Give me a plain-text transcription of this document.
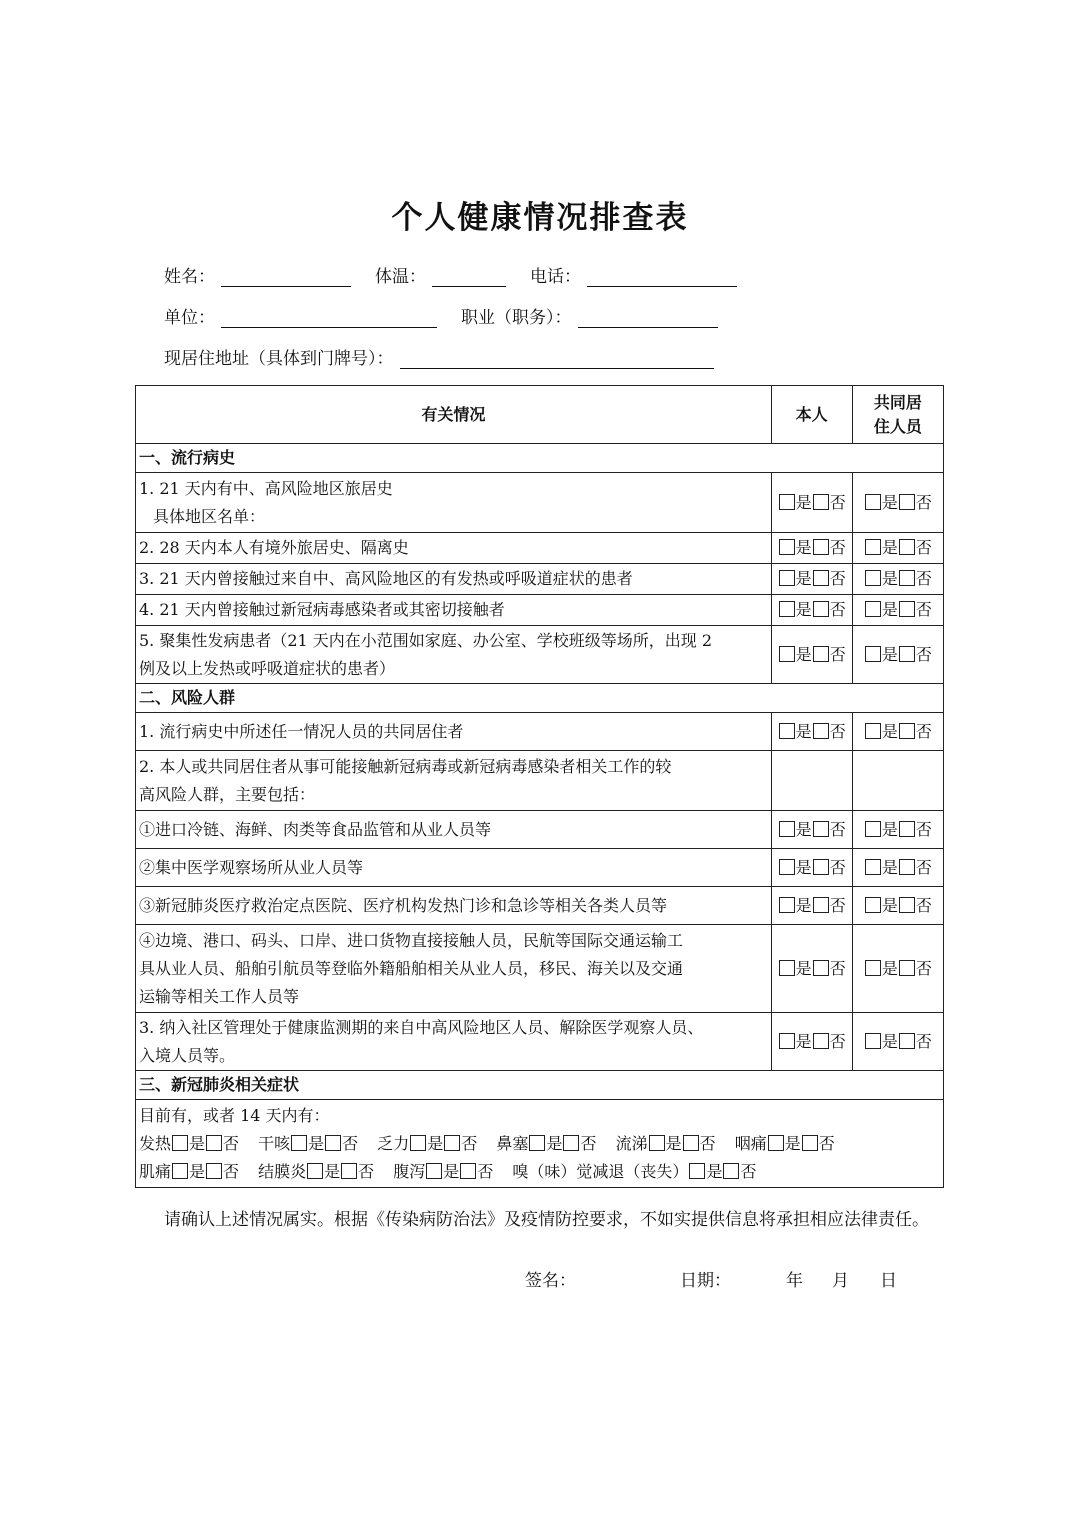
个人健康情况排查表
姓名：	体温：	电话：
单位：	职业（职务）：
现居住地址（具体到门牌号）：
有关情况	本人	共同居
住人员

一、流行病史		

1. 21 天内有中、高风险地区旅居史
具体地区名单：	是 否	是 否
2. 28 天内本人有境外旅居史、隔离史	是 否	是 否
3. 21 天内曾接触过来自中、高风险地区的有发热或呼吸道症状的患者	是 否	是 否
4. 21 天内曾接触过新冠病毒感染者或其密切接触者	是 否	是 否

5. 聚集性发病患者（21 天内在小范围如家庭、办公室、学校班级等场所，出现 2
例及以上发热或呼吸道症状的患者）	是 否	是 否
二、风险人群		
1. 流行病史中所述任一情况人员的共同居住者	是 否	是 否

2. 本人或共同居住者从事可能接触新冠病毒或新冠病毒感染者相关工作的较
高风险人群，主要包括：		

①进口冷链、海鲜、肉类等食品监管和从业人员等	是 否	是 否
②集中医学观察场所从业人员等	是 否	是 否
③新冠肺炎医疗救治定点医院、医疗机构发热门诊和急诊等相关各类人员等	是 否	是 否

④边境、港口、码头、口岸、进口货物直接接触人员，民航等国际交通运输工
具从业人员、船舶引航员等登临外籍船舶相关从业人员，移民、海关以及交通
运输等相关工作人员等	是 否	是 否

3. 纳入社区管理处于健康监测期的来自中高风险地区人员、解除医学观察人员、
入境人员等。	是 否	是 否
三、新冠肺炎相关症状		

目前有，或者 14 天内有：
发热 是 否 干咳 是 否 乏力 是 否 鼻塞 是 否 流涕 是 否 咽痛 是 否
肌痛 是 否 结膜炎 是 否 腹泻 是 否 嗅（味）觉减退（丧失） 是 否		
请确认上述情况属实。根据《传染病防治法》及疫情防控要求，不如实提供信息将承担相应法律责任。
签名：	日期：	年 月 日
